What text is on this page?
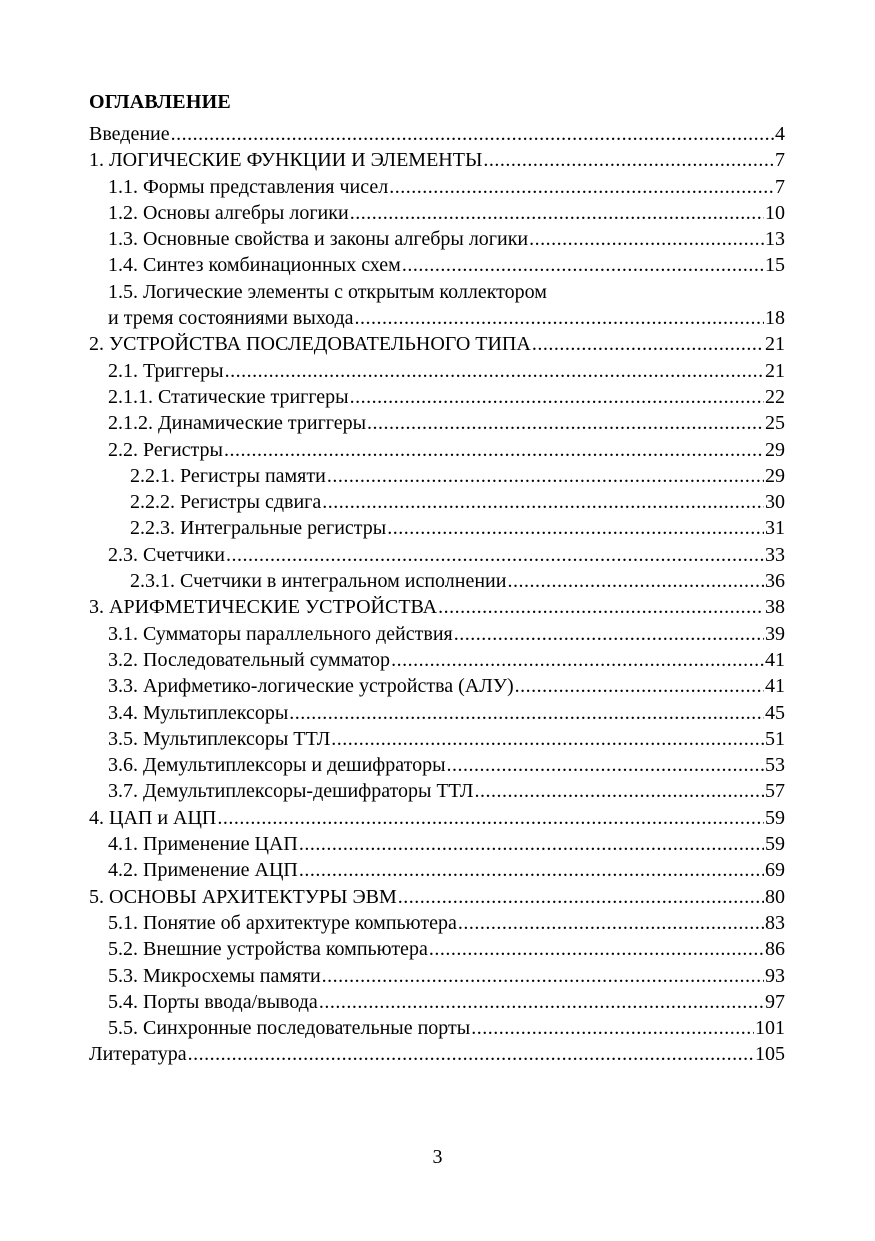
ОГЛАВЛЕНИЕ
Введение .....	4
1. ЛОГИЧЕСКИЕ ФУНКЦИИ И ЭЛЕМЕНТЫ .....	7
1.1. Формы представления чисел .....	7
1.2. Основы алгебры логики .....	10
1.3. Основные свойства и законы алгебры логики .....	13
1.4. Синтез комбинационных схем .....	15
1.5. Логические элементы с открытым коллектором
и тремя состояниями выхода .....	18
2. УСТРОЙСТВА ПОСЛЕДОВАТЕЛЬНОГО ТИПА .....	21
2.1. Триггеры .....	21
2.1.1. Статические триггеры .....	22
2.1.2. Динамические триггеры .....	25
2.2. Регистры .....	29
2.2.1. Регистры памяти .....	29
2.2.2. Регистры сдвига .....	30
2.2.3. Интегральные регистры .....	31
2.3. Счетчики .....	33
2.3.1. Счетчики в интегральном исполнении .....	36
3. АРИФМЕТИЧЕСКИЕ УСТРОЙСТВА .....	38
3.1. Сумматоры параллельного действия .....	39
3.2. Последовательный сумматор .....	41
3.3. Арифметико-логические устройства (АЛУ) .....	41
3.4. Мультиплексоры .....	45
3.5. Мультиплексоры ТТЛ .....	51
3.6. Демультиплексоры и дешифраторы .....	53
3.7. Демультиплексоры-дешифраторы ТТЛ .....	57
4. ЦАП и АЦП .....	59
4.1. Применение ЦАП .....	59
4.2. Применение АЦП .....	69
5. ОСНОВЫ АРХИТЕКТУРЫ ЭВМ .....	80
5.1. Понятие об архитектуре компьютера .....	83
5.2. Внешние устройства компьютера .....	86
5.3. Микросхемы памяти .....	93
5.4. Порты ввода/вывода .....	97
5.5. Синхронные последовательные порты .....	101
Литература .....	105
3
